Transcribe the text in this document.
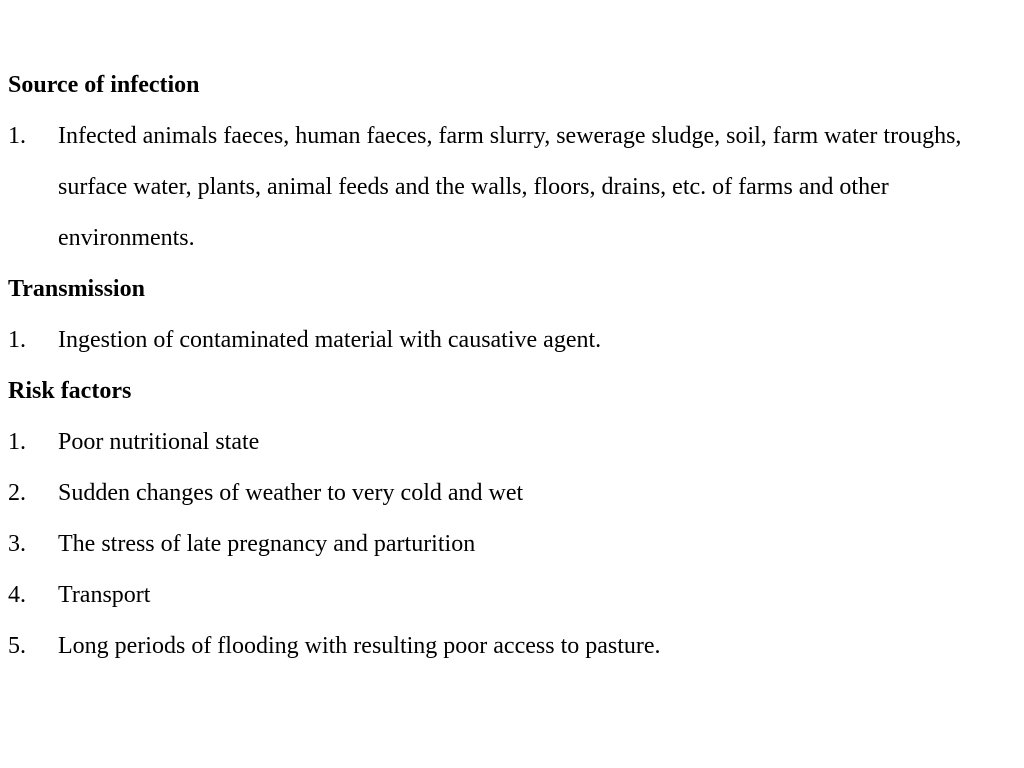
Source of infection
1.	Infected animals faeces, human faeces, farm slurry, sewerage sludge, soil, farm water troughs, surface water, plants, animal feeds and the walls, floors, drains, etc. of farms and other environments.
Transmission
1.	Ingestion of contaminated material with causative agent.
Risk factors
1.	Poor nutritional state
2.	Sudden changes of weather to very cold and wet
3.	The stress of late pregnancy and parturition
4.	Transport
5.	Long periods of flooding with resulting poor access to pasture.
